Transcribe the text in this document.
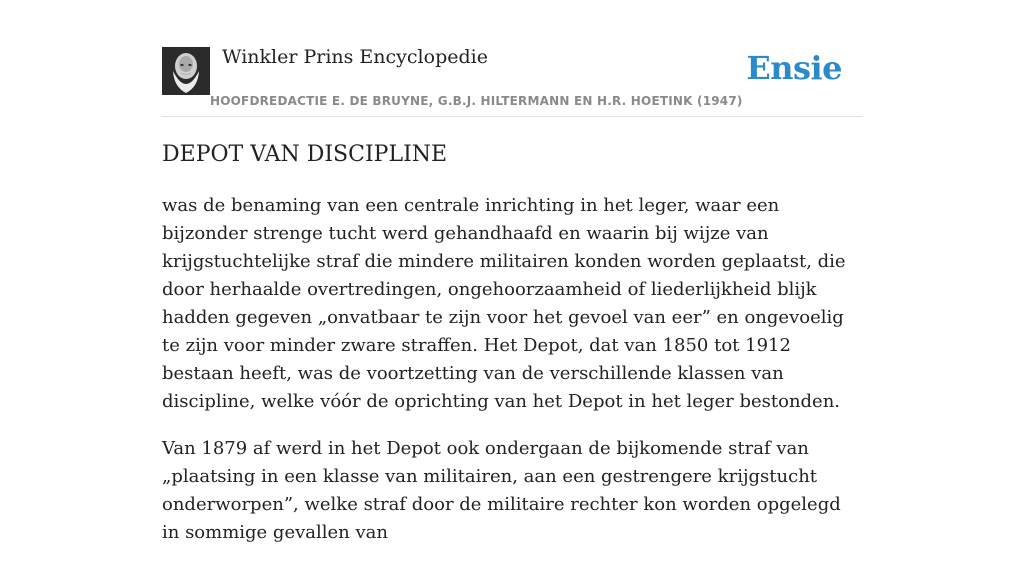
Winkler Prins Encyclopedie
HOOFDREDACTIE E. DE BRUYNE, G.B.J. HILTERMANN EN H.R. HOETINK (1947)
Ensie
DEPOT VAN DISCIPLINE

was de benaming van een centrale inrichting in het leger, waar een bijzonder strenge tucht werd gehandhaafd en waarin bij wijze van krijgstuchtelijke straf die mindere militairen konden worden geplaatst, die door herhaalde overtredingen, ongehoorzaamheid of liederlijkheid blijk hadden gegeven „onvatbaar te zijn voor het gevoel van eer” en ongevoelig te zijn voor minder zware straffen. Het Depot, dat van 1850 tot 1912 bestaan heeft, was de voortzetting van de verschillende klassen van discipline, welke vóór de oprichting van het Depot in het leger bestonden.

Van 1879 af werd in het Depot ook ondergaan de bijkomende straf van „plaatsing in een klasse van militairen, aan een gestrengere krijgstucht onderworpen”, welke straf door de militaire rechter kon worden opgelegd in sommige gevallen van
